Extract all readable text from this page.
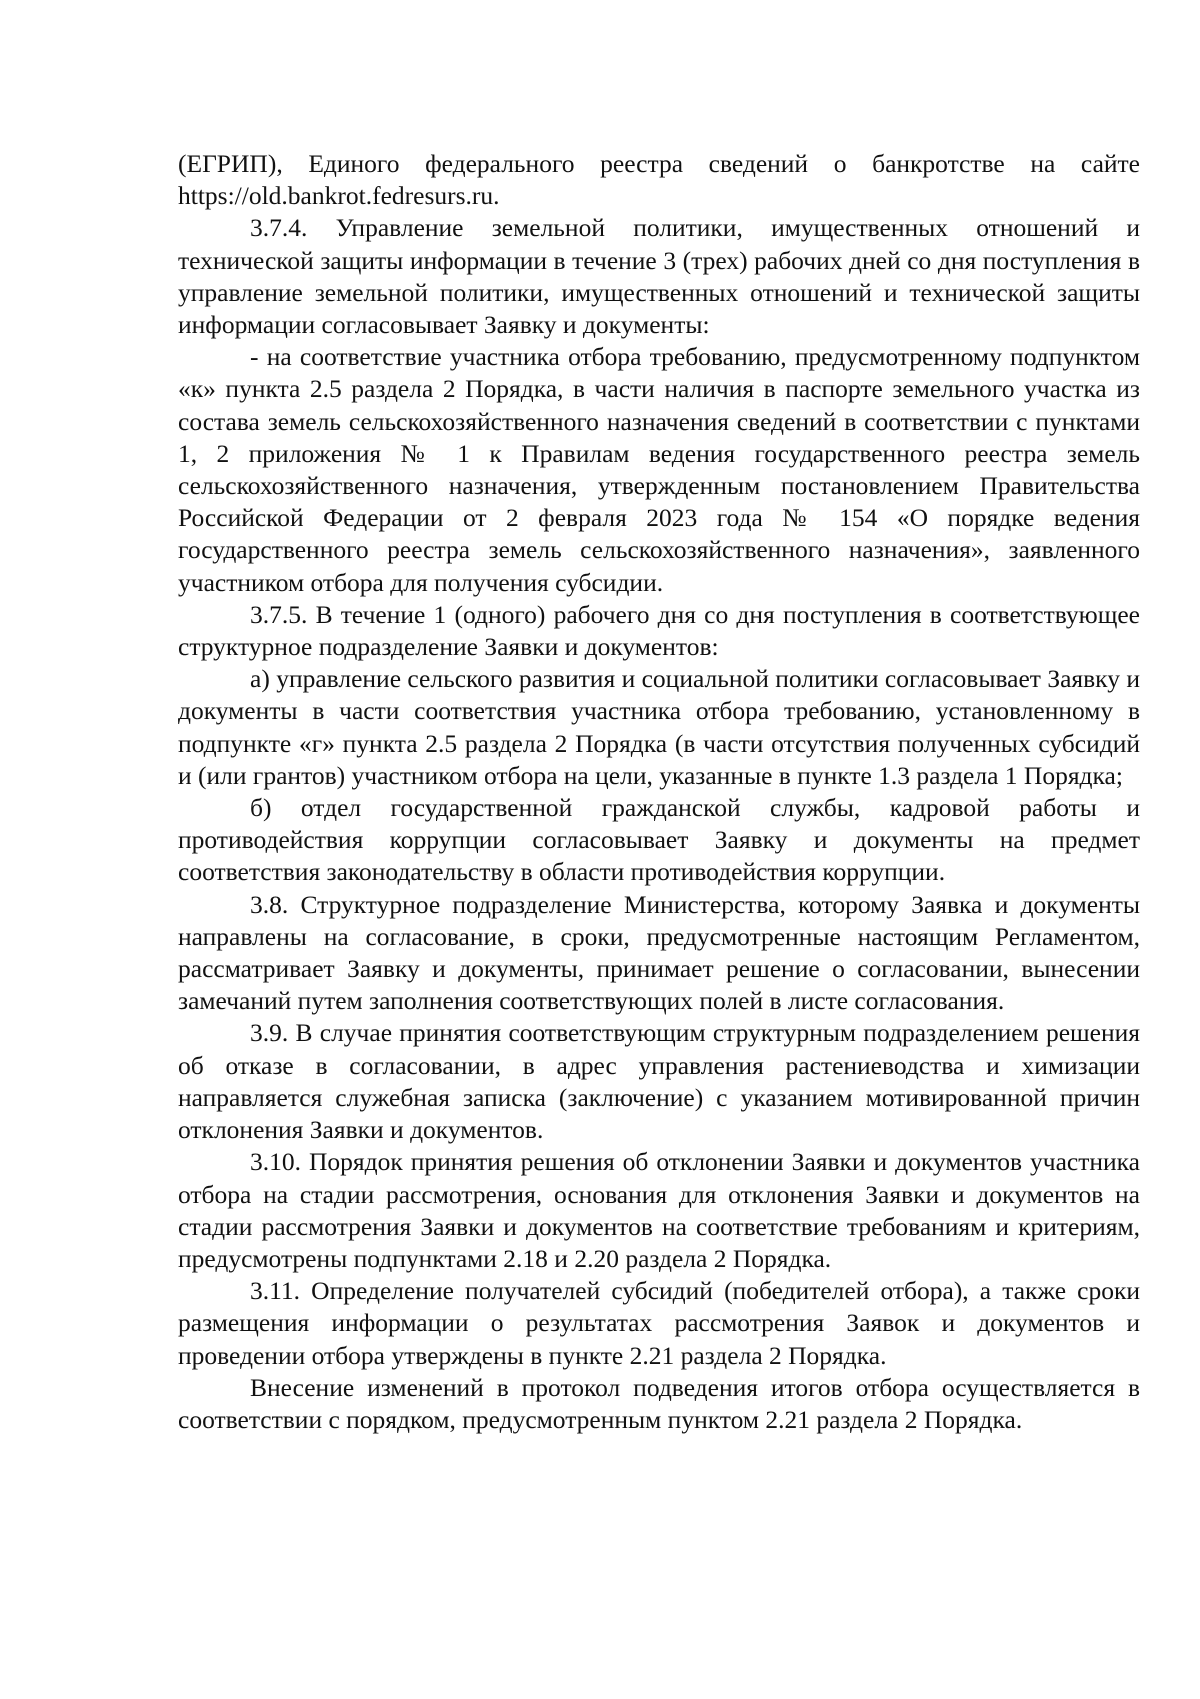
(ЕГРИП), Единого федерального реестра сведений о банкротстве на сайте https://old.bankrot.fedresurs.ru.

3.7.4. Управление земельной политики, имущественных отношений и технической защиты информации в течение 3 (трех) рабочих дней со дня поступления в управление земельной политики, имущественных отношений и технической защиты информации согласовывает Заявку и документы:

- на соответствие участника отбора требованию, предусмотренному подпунктом «к» пункта 2.5 раздела 2 Порядка, в части наличия в паспорте земельного участка из состава земель сельскохозяйственного назначения сведений в соответствии с пунктами 1, 2 приложения № 1 к Правилам ведения государственного реестра земель сельскохозяйственного назначения, утвержденным постановлением Правительства Российской Федерации от 2 февраля 2023 года № 154 «О порядке ведения государственного реестра земель сельскохозяйственного назначения», заявленного участником отбора для получения субсидии.

3.7.5. В течение 1 (одного) рабочего дня со дня поступления в соответствующее структурное подразделение Заявки и документов:

а) управление сельского развития и социальной политики согласовывает Заявку и документы в части соответствия участника отбора требованию, установленному в подпункте «г» пункта 2.5 раздела 2 Порядка (в части отсутствия полученных субсидий и (или грантов) участником отбора на цели, указанные в пункте 1.3 раздела 1 Порядка;

б) отдел государственной гражданской службы, кадровой работы и противодействия коррупции согласовывает Заявку и документы на предмет соответствия законодательству в области противодействия коррупции.

3.8. Структурное подразделение Министерства, которому Заявка и документы направлены на согласование, в сроки, предусмотренные настоящим Регламентом, рассматривает Заявку и документы, принимает решение о согласовании, вынесении замечаний путем заполнения соответствующих полей в листе согласования.

3.9. В случае принятия соответствующим структурным подразделением решения об отказе в согласовании, в адрес управления растениеводства и химизации направляется служебная записка (заключение) с указанием мотивированной причин отклонения Заявки и документов.

3.10. Порядок принятия решения об отклонении Заявки и документов участника отбора на стадии рассмотрения, основания для отклонения Заявки и документов на стадии рассмотрения Заявки и документов на соответствие требованиям и критериям, предусмотрены подпунктами 2.18 и 2.20 раздела 2 Порядка.

3.11. Определение получателей субсидий (победителей отбора), а также сроки размещения информации о результатах рассмотрения Заявок и документов и проведении отбора утверждены в пункте 2.21 раздела 2 Порядка.

Внесение изменений в протокол подведения итогов отбора осуществляется в соответствии с порядком, предусмотренным пунктом 2.21 раздела 2 Порядка.
